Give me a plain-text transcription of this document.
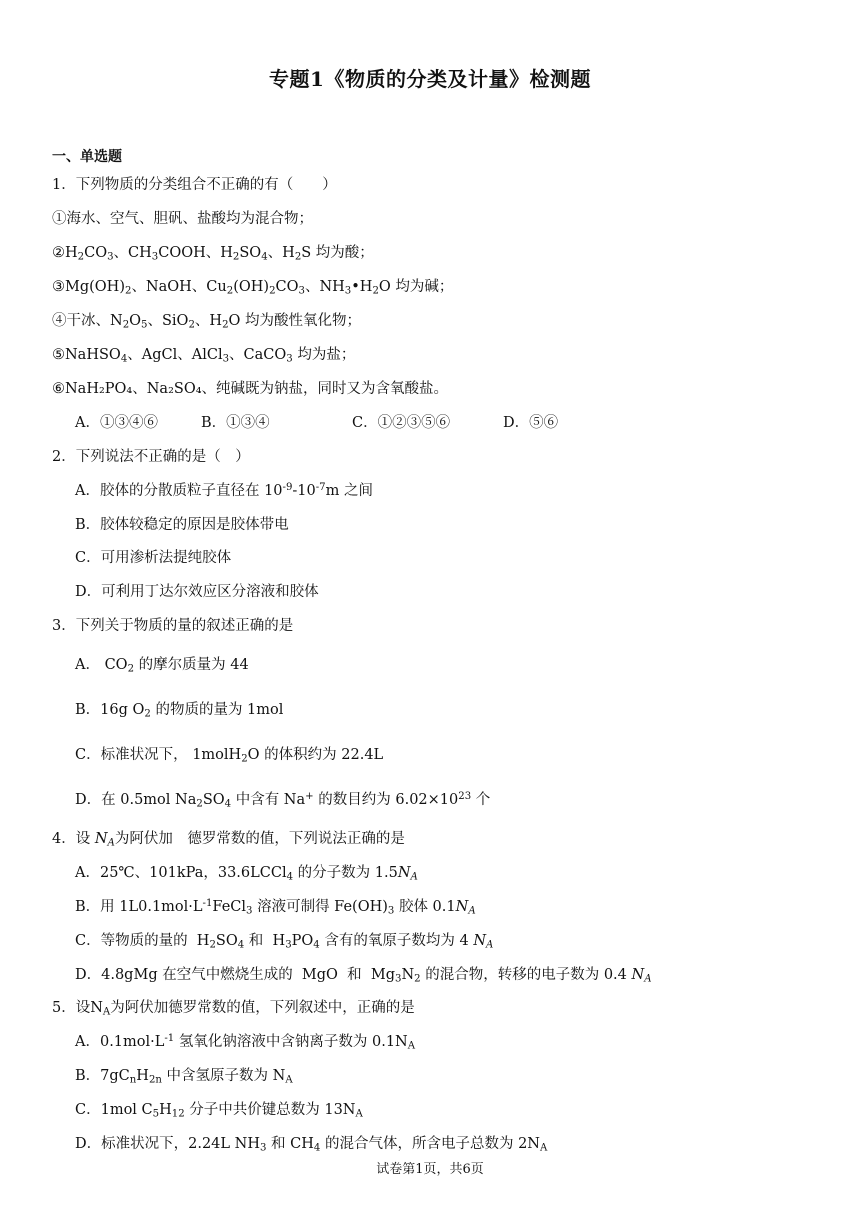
专题1《物质的分类及计量》检测题
一、单选题
1．下列物质的分类组合不正确的有（　　）
①海水、空气、胆矾、盐酸均为混合物；
$②H_2CO_3$、$CH_3COOH$、$H_2SO_4$、$H_2S$ 均为酸；
$③Mg(OH)_2$、NaOH、$Cu_2(OH)_2CO_3$、$NH_3•H_2O$ 均为碱；
④干冰、$N_2O_5$、SiO$_2$、$H_2O$ 均为酸性氧化物；
⑤NaHSO$_4$、AgCl、AlCl$_3$、CaCO$_3$ 均为盐；
⑥NaH₂PO₄、Na₂SO₄、纯碱既为钠盐，同时又为含氧酸盐。
A．①③④⑥	B．①③④	C．①②③⑤⑥	D．⑤⑥
2．下列说法不正确的是（　）
A．胶体的分散质粒子直径在 $10^{-9}-10^{-7}m$ 之间
B．胶体较稳定的原因是胶体带电
C．可用渗析法提纯胶体
D．可利用丁达尔效应区分溶液和胶体
3．下列关于物质的量的叙述正确的是
A． $CO_2$ 的摩尔质量为 44
B．16g $O_2$ 的物质的量为 1mol
C．标准状况下， 1molH$_2$O 的体积约为 22.4L
D．在 0.5mol $Na_2SO_4$ 中含有 Na+ 的数目约为 $6.02\times 10^{23}$ 个
4．设 $N_A$为阿伏加　德罗常数的值，下列说法正确的是
A．25℃、101kPa，33.6LCCl$_4$ 的分子数为 $1.5N_A$
B．用 $1L0.1mol\cdot L^{-1}FeCl_3$ 溶液可制得 $Fe(OH)_3$ 胶体 $0.1N_A$
C．等物质的量的  $H_2SO_4$ 和  $H_3PO_4$ 含有的氧原子数均为 4 $N_A$
D．4.8gMg 在空气中燃烧生成的  MgO  和  $Mg_3N_2$ 的混合物，转移的电子数为 0.4 $N_A$
5．设$N_A$为阿伏加德罗常数的值，下列叙述中，正确的是
A．$0.1mol\cdot L^{-1}$ 氢氧化钠溶液中含钠离子数为 $0.1N_A$
B．$7gC_nH_{2n}$ 中含氢原子数为 $N_A$
C．1mol $C_5H_{12}$ 分子中共价键总数为 $13N_A$
D．标准状况下，2.24L $NH_3$ 和 $CH_4$ 的混合气体，所含电子总数为 $2N_A$
试卷第1页，共6页
